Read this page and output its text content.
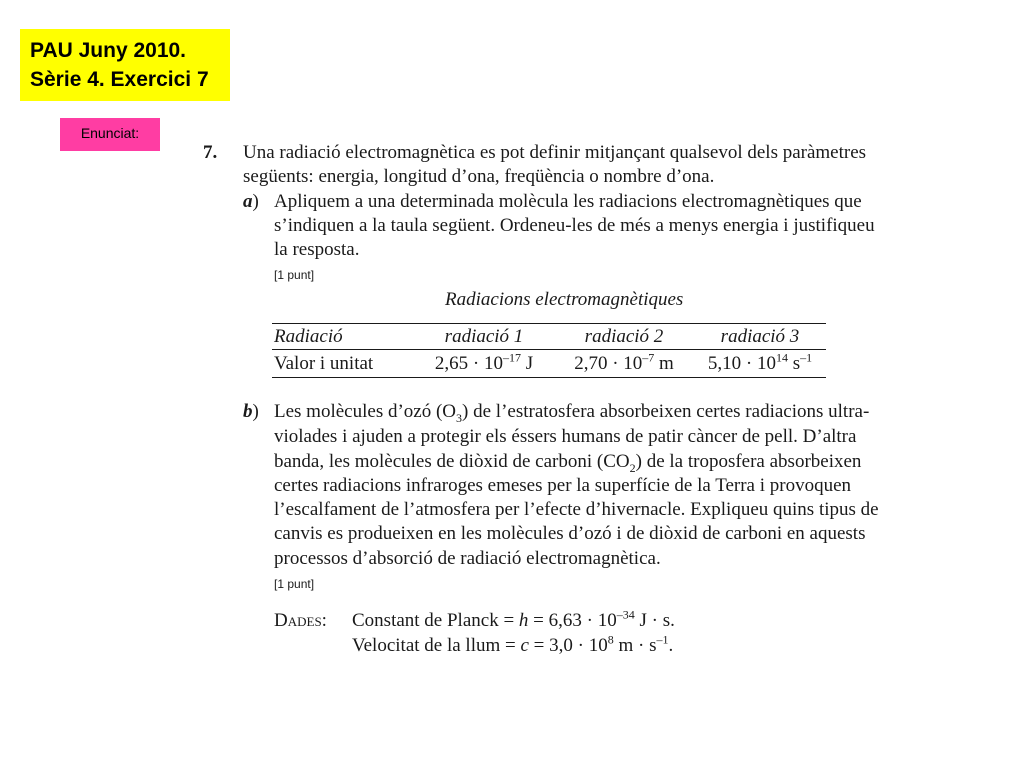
PAU Juny 2010.
Sèrie 4. Exercici 7
Enunciat:
7. Una radiació electromagnètica es pot definir mitjançant qualsevol dels paràmetres
següents: energia, longitud d’ona, freqüència o nombre d’ona.
a) Apliquem a una determinada molècula les radiacions electromagnètiques que
s’indiquen a la taula següent. Ordeneu-les de més a menys energia i justifiqueu
la resposta.
[1 punt]
Radiacions electromagnètiques
Radiació	radiació 1	radiació 2	radiació 3
Valor i unitat	$2,65 \cdot 10^{-17}$ J	$2,70 \cdot 10^{-7}$ m	$5,10 \cdot 10^{14}$ $s^{-1}$
b) Les molècules d’ozó $(O_3)$ de l’estratosfera absorbeixen certes radiacions ultra-
violades i ajuden a protegir els éssers humans de patir càncer de pell. D’altra
banda, les molècules de diòxid de carboni $(CO_2)$ de la troposfera absorbeixen
certes radiacions infraroges emeses per la superfície de la Terra i provoquen
l’escalfament de l’atmosfera per l’efecte d’hivernacle. Expliqueu quins tipus de
canvis es produeixen en les molècules d’ozó i de diòxid de carboni en aquests
processos d’absorció de radiació electromagnètica.
[1 punt]
Dades: Constant de Planck = $h = 6,63 \cdot 10^{-34}$ J · s.
Velocitat de la llum = $c = 3,0 \cdot 10^8$ $m \cdot s^{-1}$.
